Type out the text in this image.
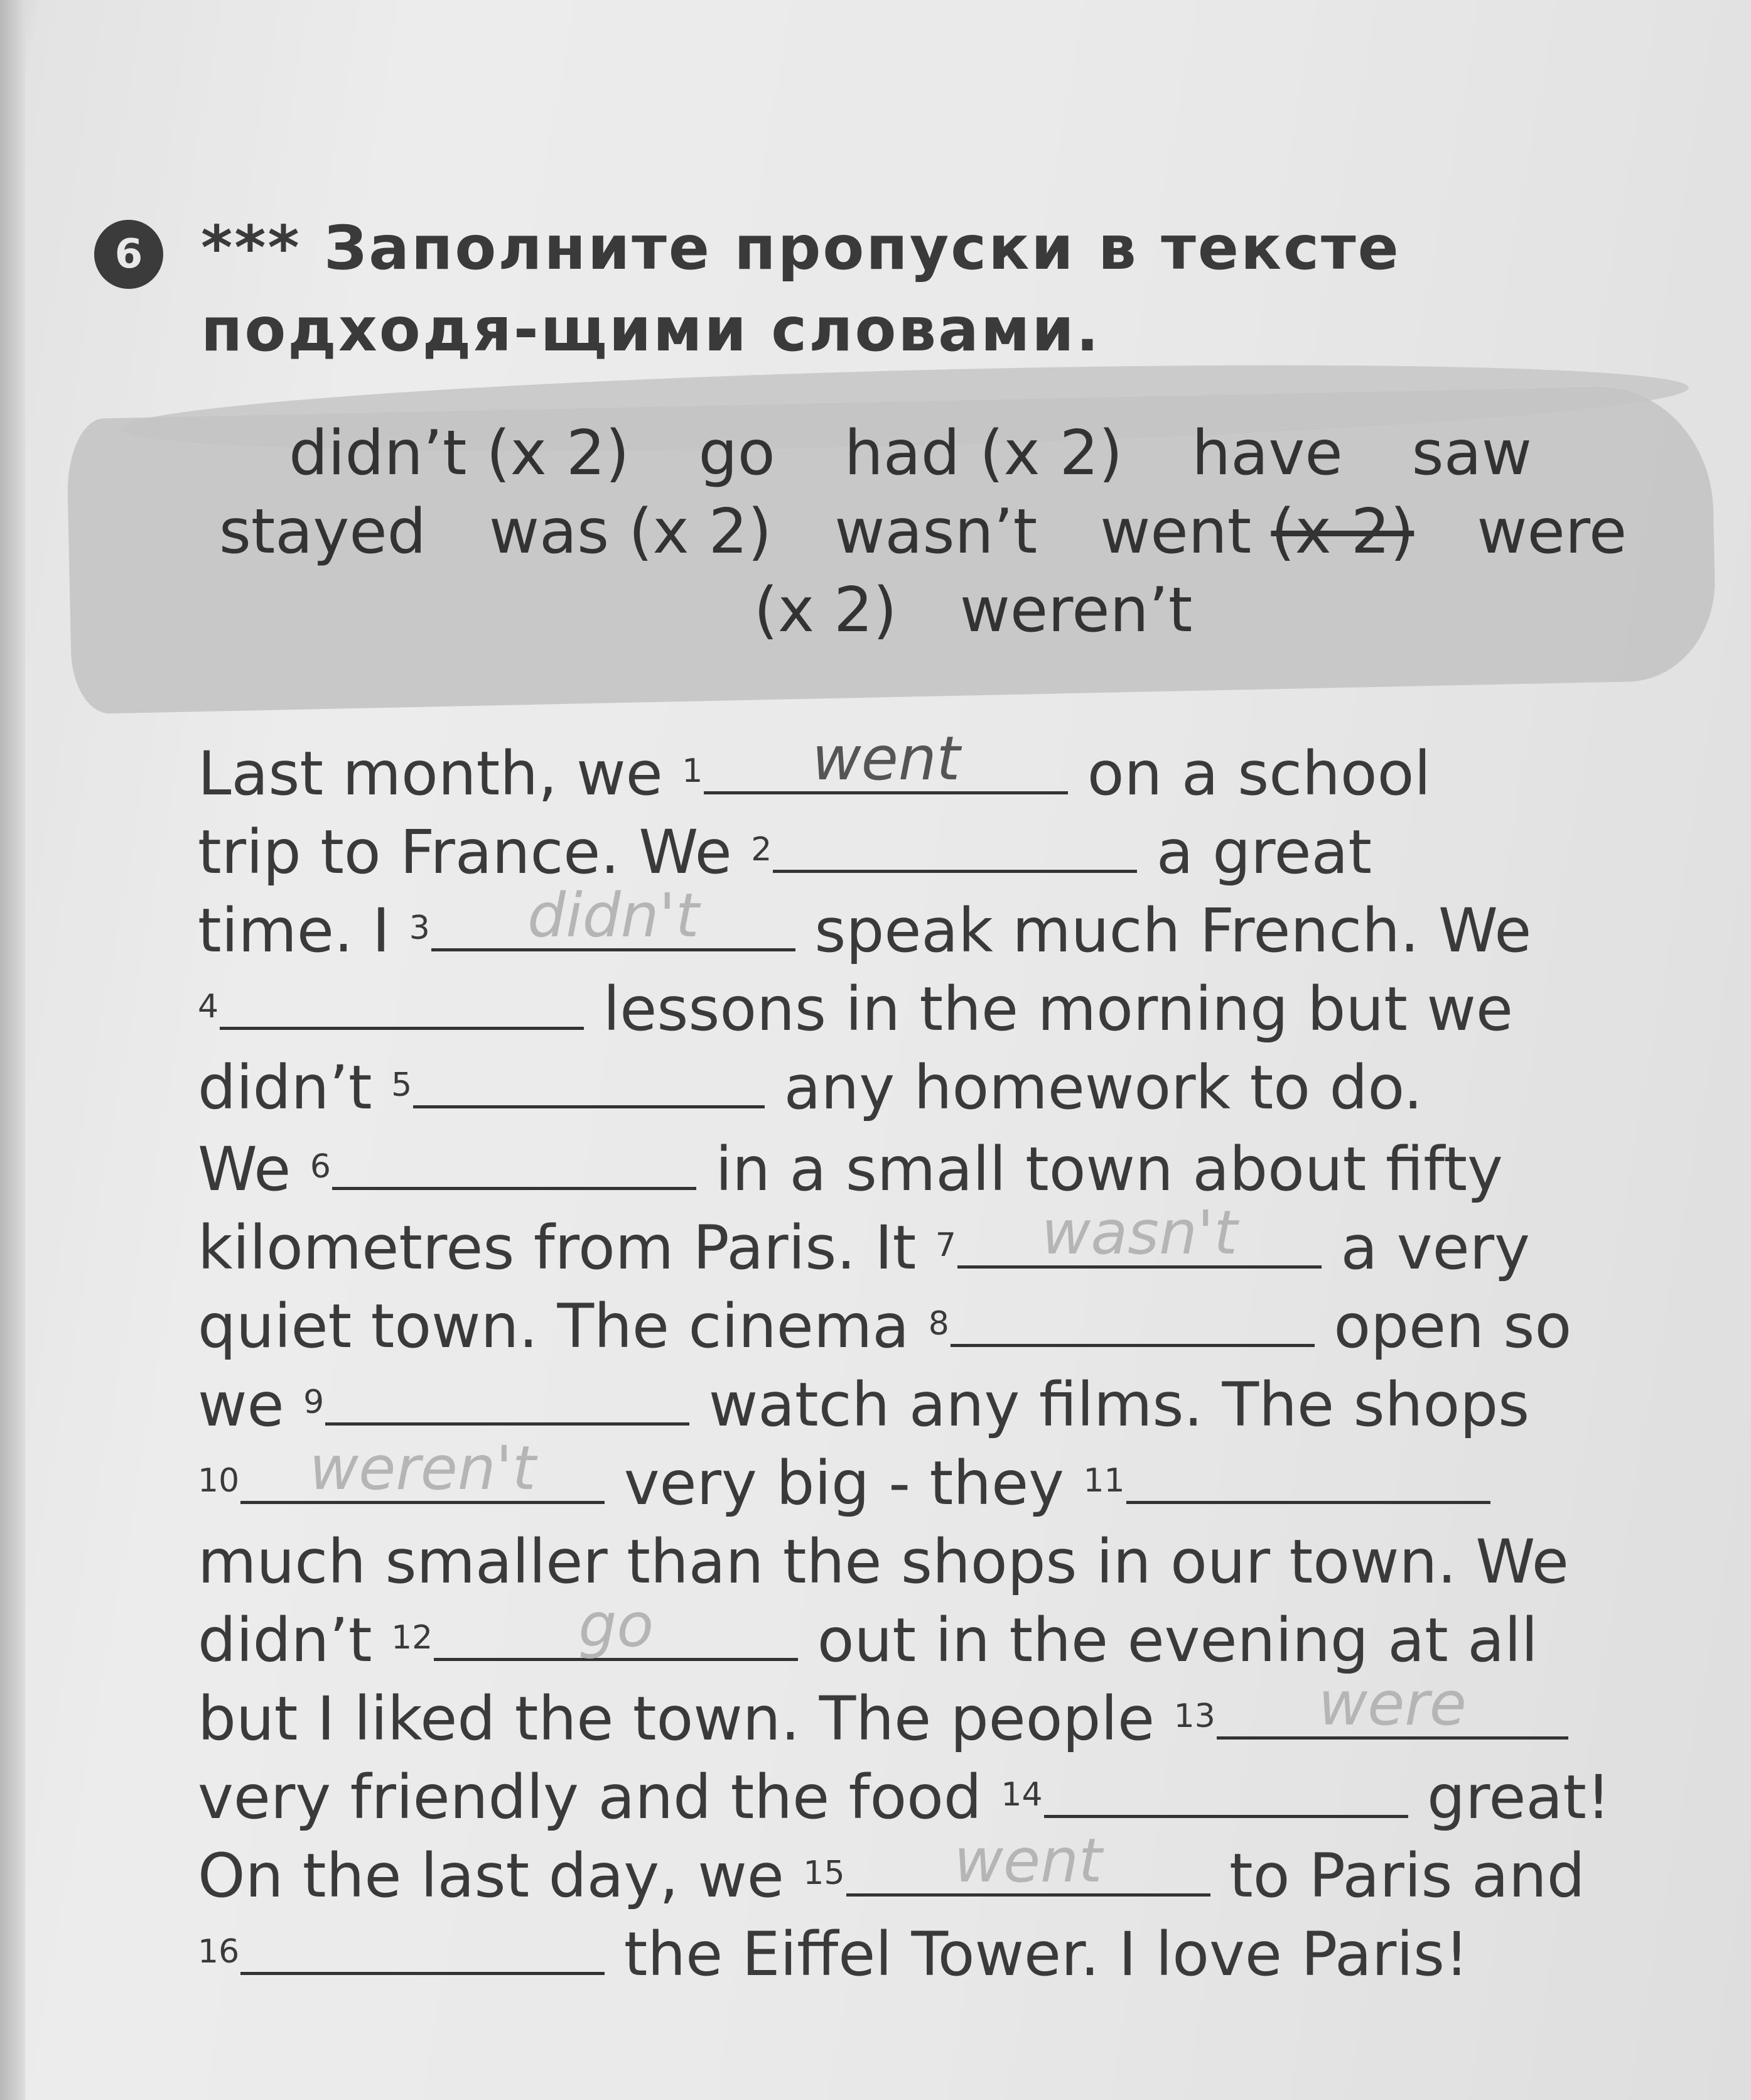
6 *** Заполните пропуски в тексте подходя-щими словами.
didn’t (x 2) go had (x 2) have saw
stayed was (x 2) wasn’t went (x 2) were
(x 2) weren’t
Last month, we $^1$	went	on a school
trip to France. We $^2$	a great
time. I $^3$	didn't	speak much French. We
$^4$	lessons in the morning but we
didn’t $^5$	any homework to do.
We $^6$	in a small town about fifty
kilometres from Paris. It $^7$	wasn't	a very
quiet town. The cinema $^8$	open so
we $^9$	watch any films. The shops
$^{10}$	weren't	very big - they $^{11}$
much smaller than the shops in our town. We
didn’t $^{12}$	go	out in the evening at all
but I liked the town. The people $^{13}$	were
very friendly and the food $^{14}$	great!
On the last day, we $^{15}$	went	to Paris and
$^{16}$	the Eiffel Tower. I love Paris!
